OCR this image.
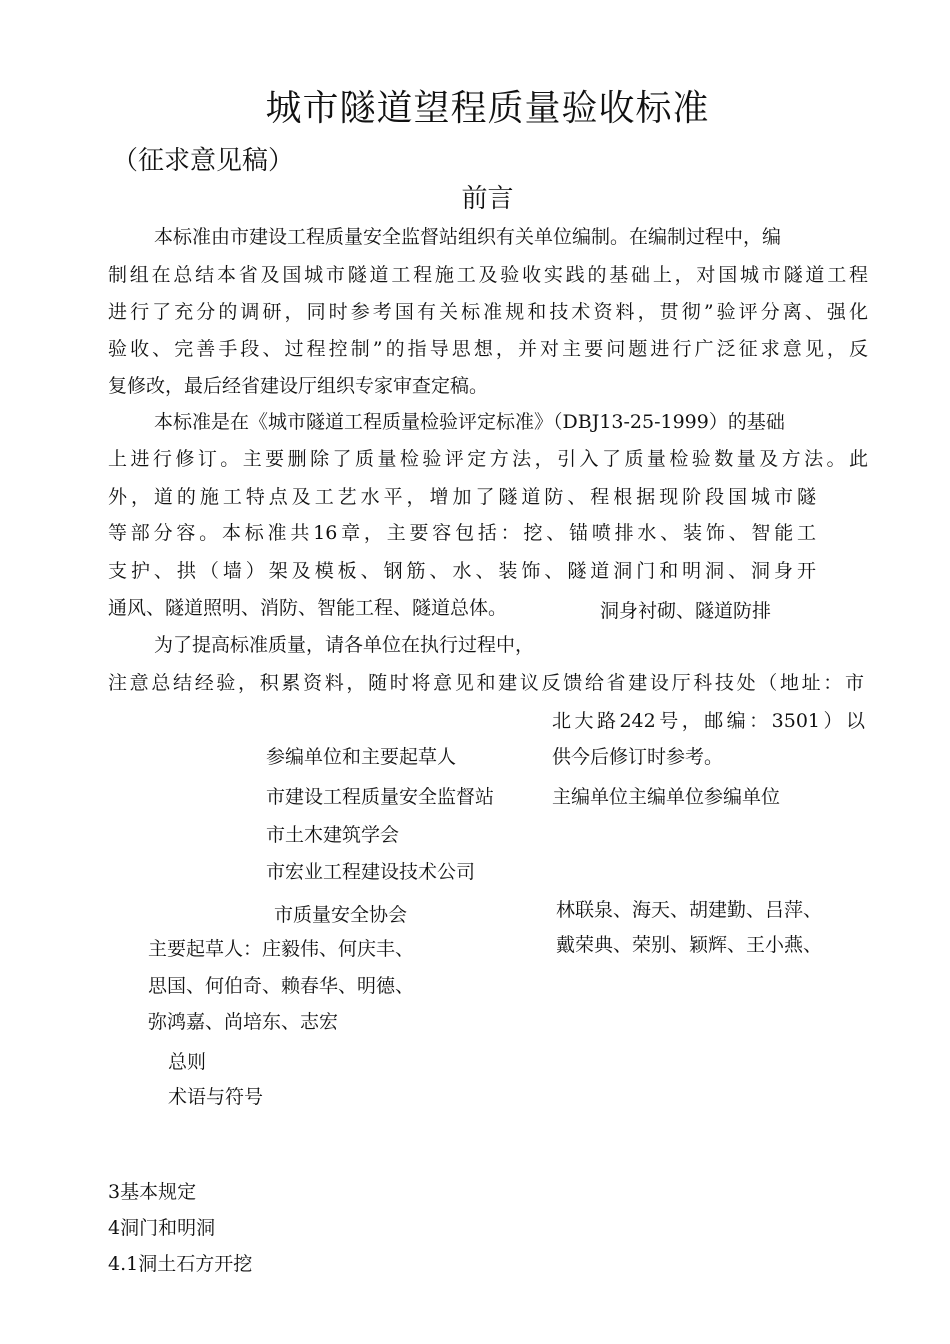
城市隧道望程质量验收标准
（征求意见稿）
前言
本标准由市建设工程质量安全监督站组织有关单位编制。在编制过程中，编
制组在总结本省及国城市隧道工程施工及验收实践的基础上，对国城市隧道工程
进行了充分的调研，同时参考国有关标准规和技术资料，贯彻”验评分离、强化
验收、完善手段、过程控制”的指导思想，并对主要问题进行广泛征求意见，反
复修改，最后经省建设厅组织专家审查定稿。
本标准是在《城市隧道工程质量检验评定标准》（DBJ13-25-1999）的基础
上进行修订。主要删除了质量检验评定方法，引入了质量检验数量及方法。此
外，道的施工特点及工艺水平，增加了隧道防、程根据现阶段国城市隧
等部分容。本标准共16章，主要容包括：挖、锚喷排水、装饰、智能工
支护、拱（墙）架及模板、钢筋、水、装饰、隧道洞门和明洞、洞身开
通风、隧道照明、消防、智能工程、隧道总体。	洞身衬砌、隧道防排
为了提高标准质量，请各单位在执行过程中，
注意总结经验，积累资料，随时将意见和建议反馈给省建设厅科技处（地址：市
北大路242号，邮编：3501）以
供今后修订时参考。
参编单位和主要起草人
市建设工程质量安全监督站
市土木建筑学会
市宏业工程建设技术公司
市质量安全协会
主编单位主编单位参编单位
林联泉、海天、胡建勤、吕萍、
戴荣典、荣别、颖辉、王小燕、
主要起草人：庄毅伟、何庆丰、
思国、何伯奇、赖春华、明德、
弥鸿嘉、尚培东、志宏
总则
术语与符号
3基本规定
4洞门和明洞
4.1洞土石方开挖
